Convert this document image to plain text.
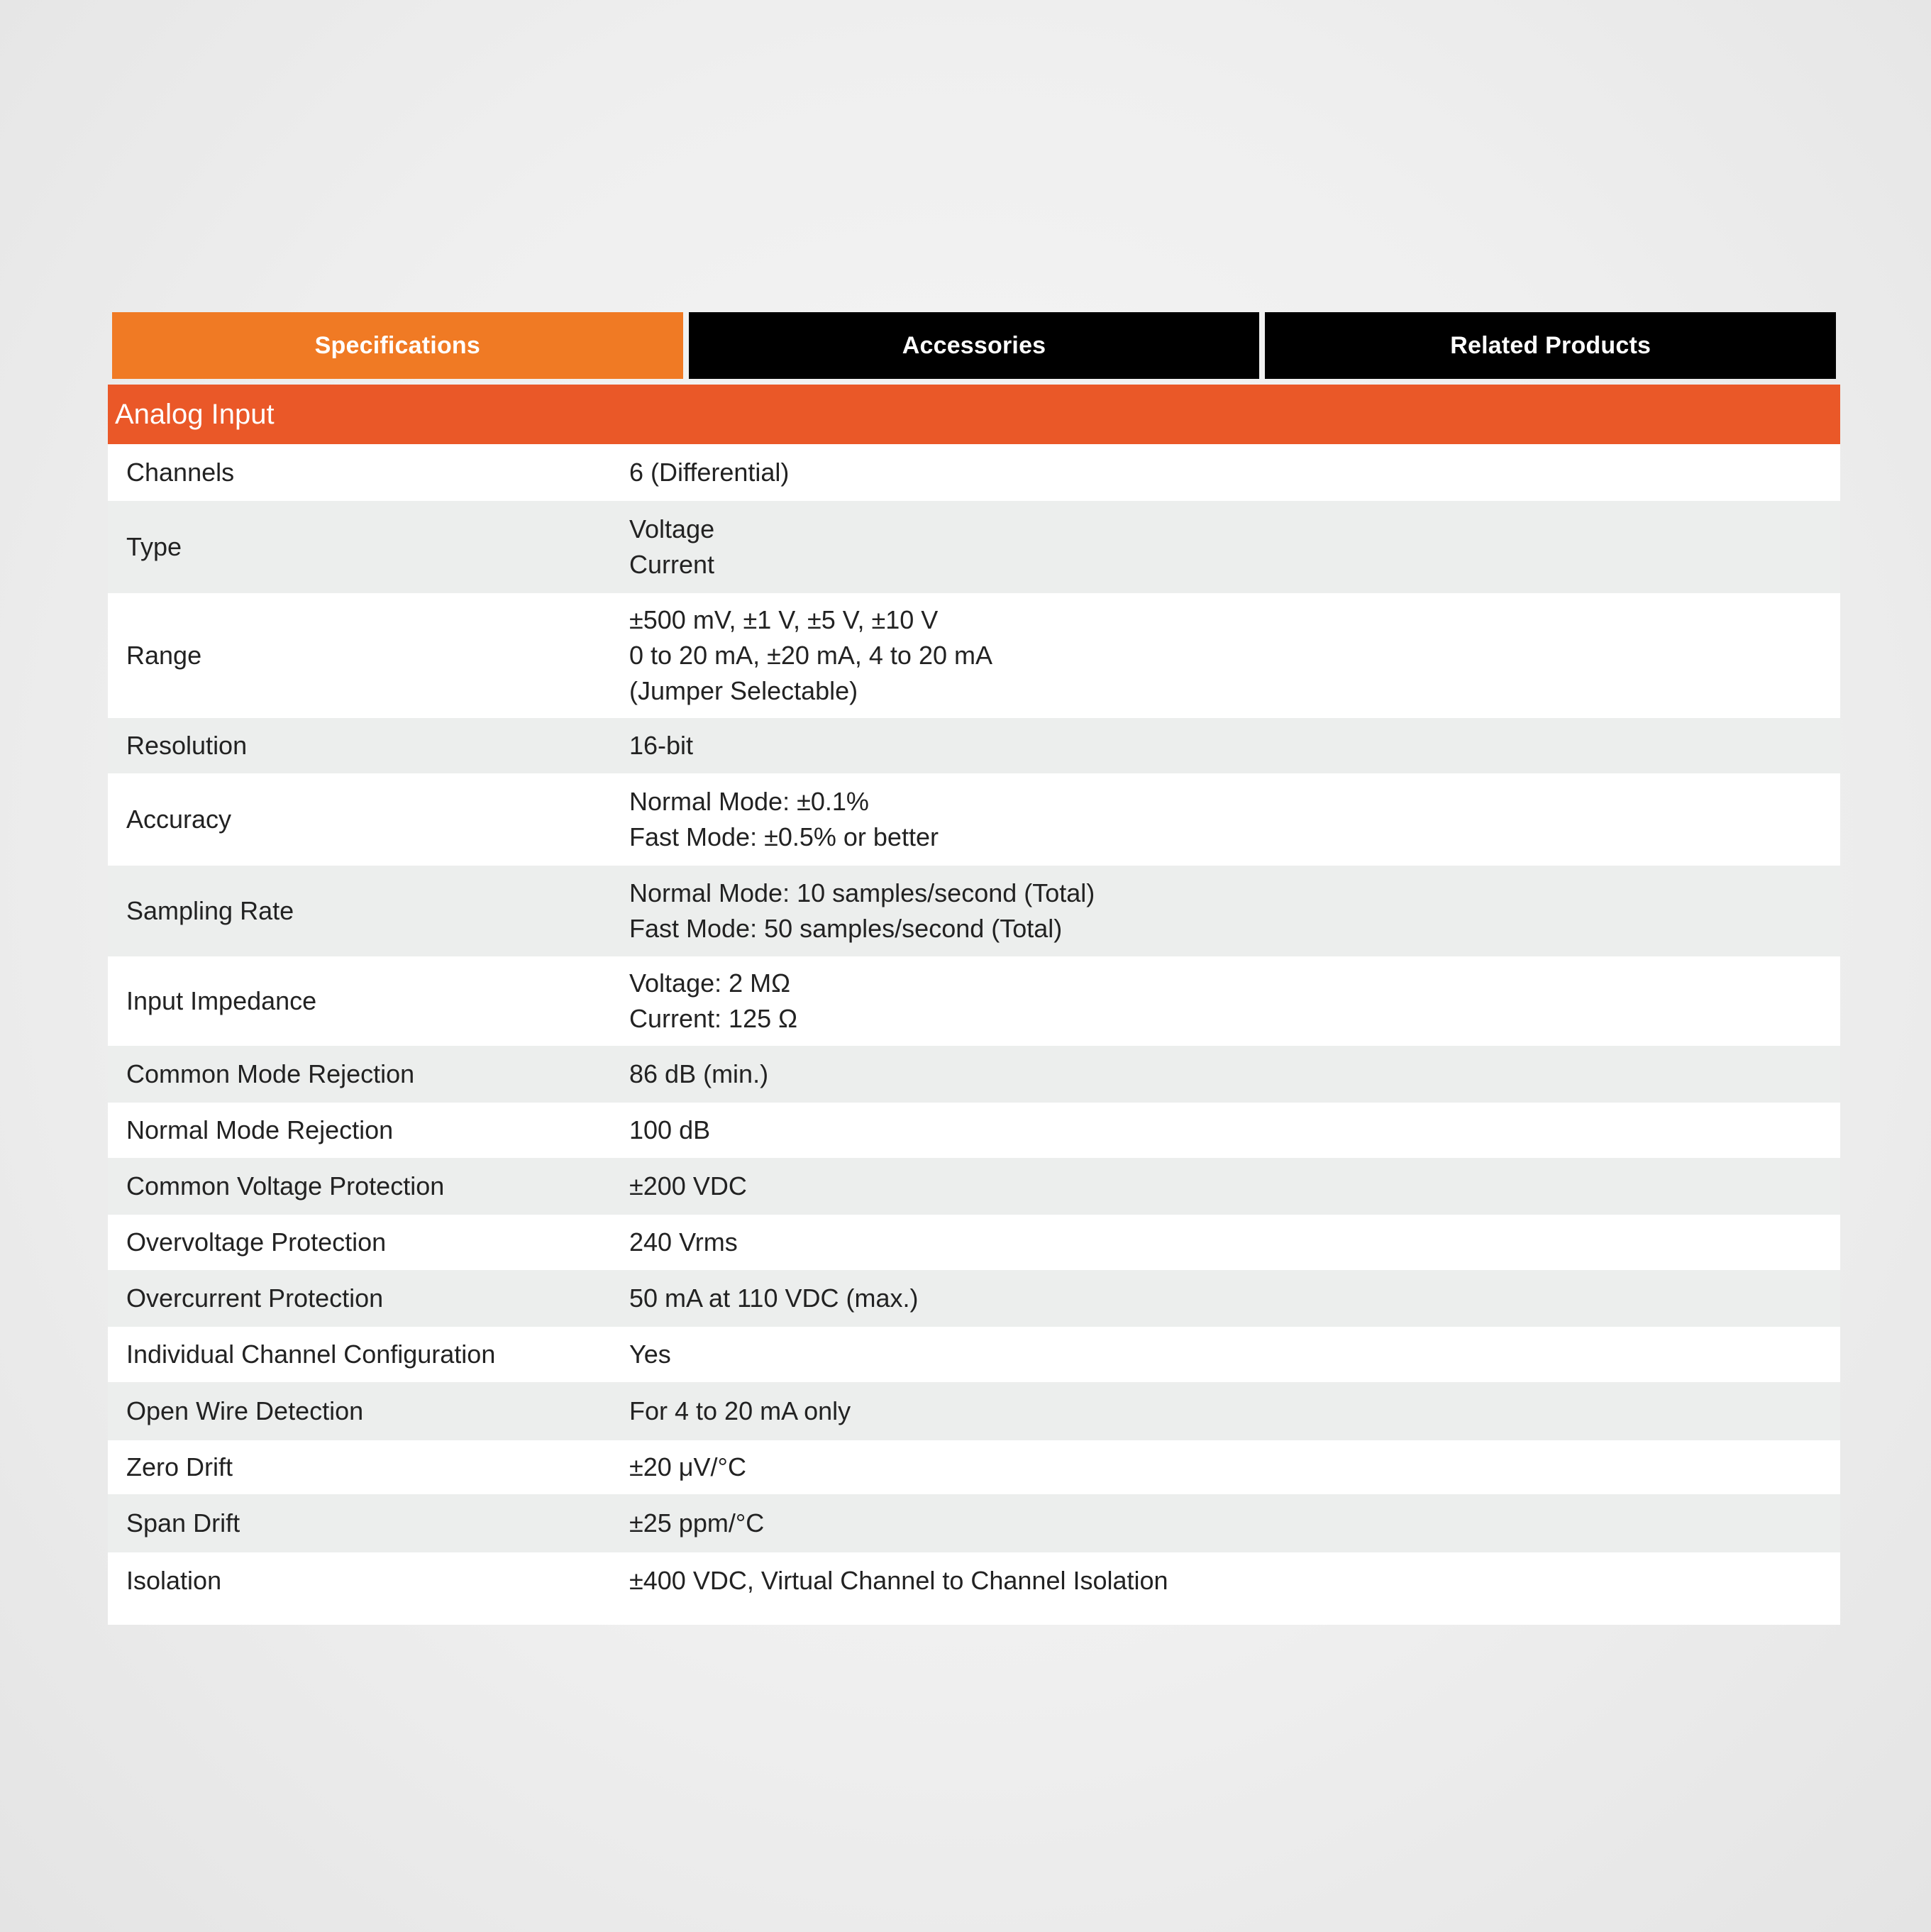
Specifications	Accessories	Related Products
Analog Input
Channels	6 (Differential)

Type	Voltage
Current

Range	±500 mV, ±1 V, ±5 V, ±10 V
0 to 20 mA, ±20 mA, 4 to 20 mA
(Jumper Selectable)

Resolution	16-bit

Accuracy	Normal Mode: ±0.1%
Fast Mode: ±0.5% or better

Sampling Rate	Normal Mode: 10 samples/second (Total)
Fast Mode: 50 samples/second (Total)

Input Impedance	Voltage: 2 MΩ
Current: 125 Ω

Common Mode Rejection	86 dB (min.)

Normal Mode Rejection	100 dB

Common Voltage Protection	±200 VDC

Overvoltage Protection	240 Vrms

Overcurrent Protection	50 mA at 110 VDC (max.)

Individual Channel Configuration	Yes

Open Wire Detection	For 4 to 20 mA only

Zero Drift	±20 μV/°C

Span Drift	±25 ppm/°C

Isolation	±400 VDC, Virtual Channel to Channel Isolation
